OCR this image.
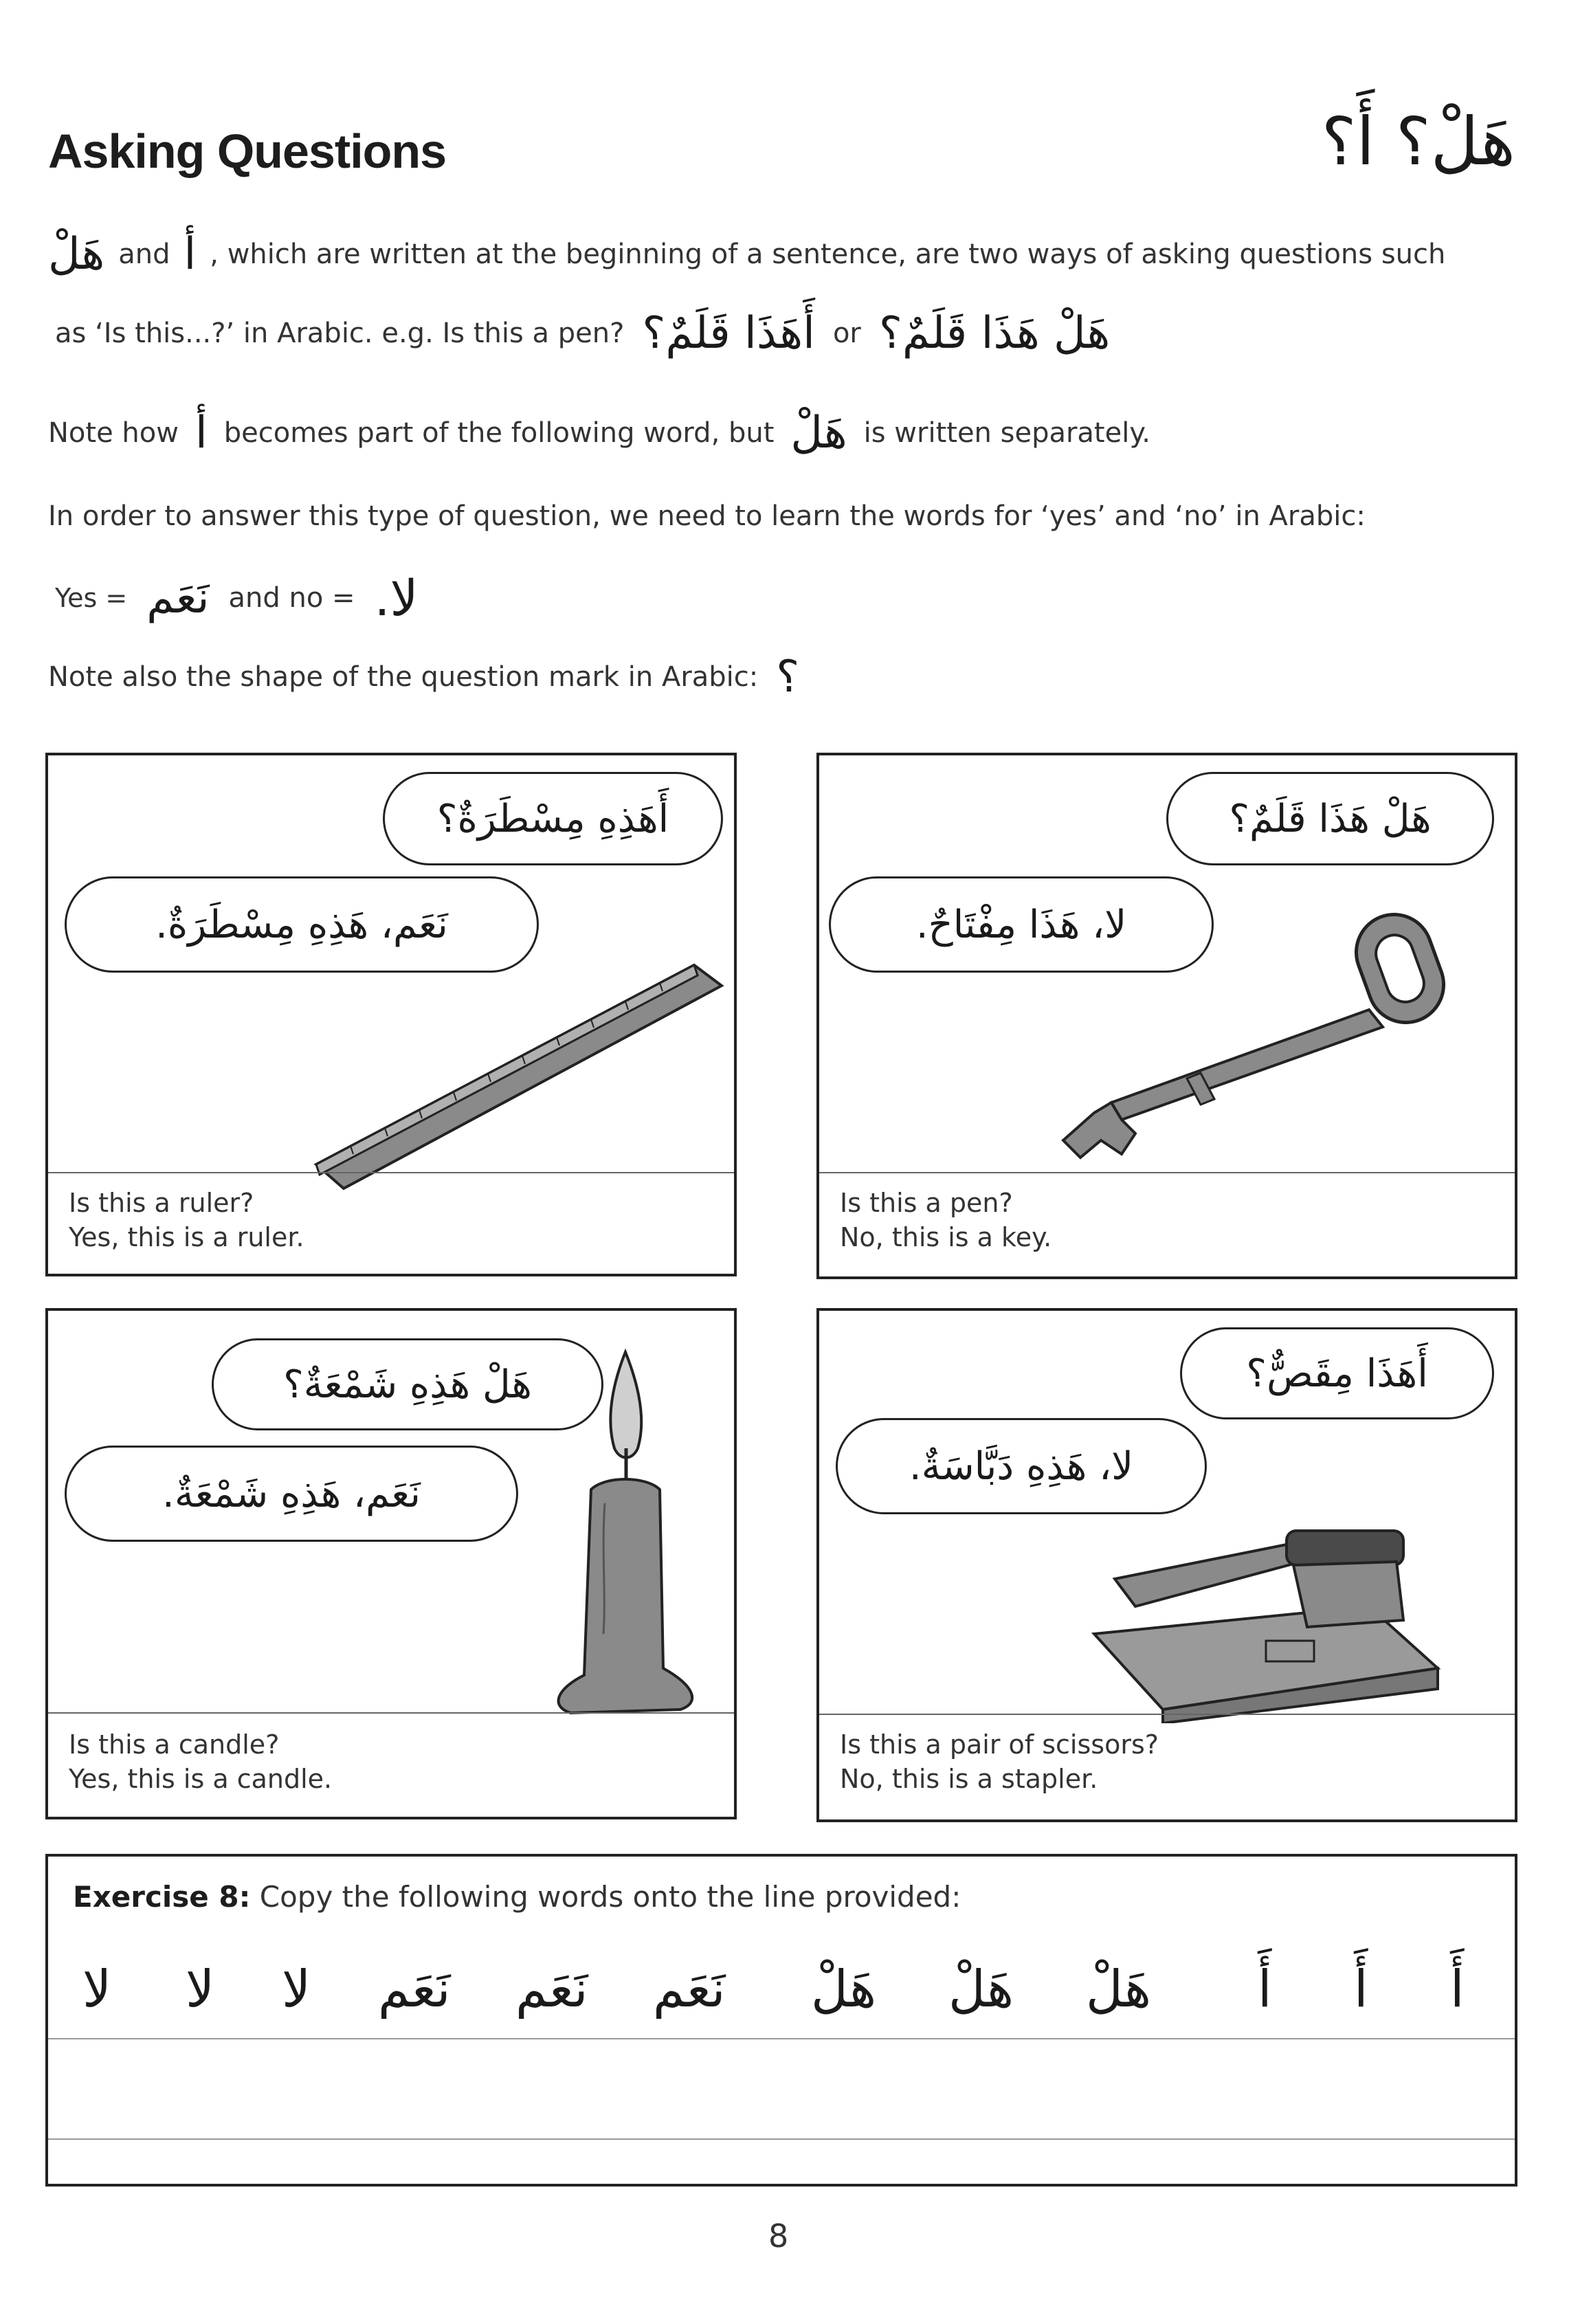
Asking Questions	هَلْ؟ أَ؟
هَلْ and أ , which are written at the beginning of a sentence, are two ways of asking questions such
as ‘Is this...?’ in Arabic. e.g. Is this a pen? أَهَذَا قَلَمٌ؟ or هَلْ هَذَا قَلَمٌ؟
Note how أ becomes part of the following word, but هَلْ is written separately.
In order to answer this type of question, we need to learn the words for ‘yes’ and ‘no’ in Arabic:
Yes = نَعَم and no = لا.
Note also the shape of the question mark in Arabic: ؟
أَهَذِهِ مِسْطَرَةٌ؟
نَعَم، هَذِهِ مِسْطَرَةٌ.
Is this a ruler?
Yes, this is a ruler.
هَلْ هَذَا قَلَمٌ؟
لا، هَذَا مِفْتَاحٌ.
Is this a pen?
No, this is a key.
هَلْ هَذِهِ شَمْعَةٌ؟
نَعَم، هَذِهِ شَمْعَةٌ.
Is this a candle?
Yes, this is a candle.
أَهَذَا مِقَصٌّ؟
لا، هَذِهِ دَبَّاسَةٌ.
Is this a pair of scissors?
No, this is a stapler.
Exercise 8: Copy the following words onto the line provided:
أَ
أَ
أَ
هَلْ
هَلْ
هَلْ
نَعَم
نَعَم
نَعَم
لا
لا
لا
8
